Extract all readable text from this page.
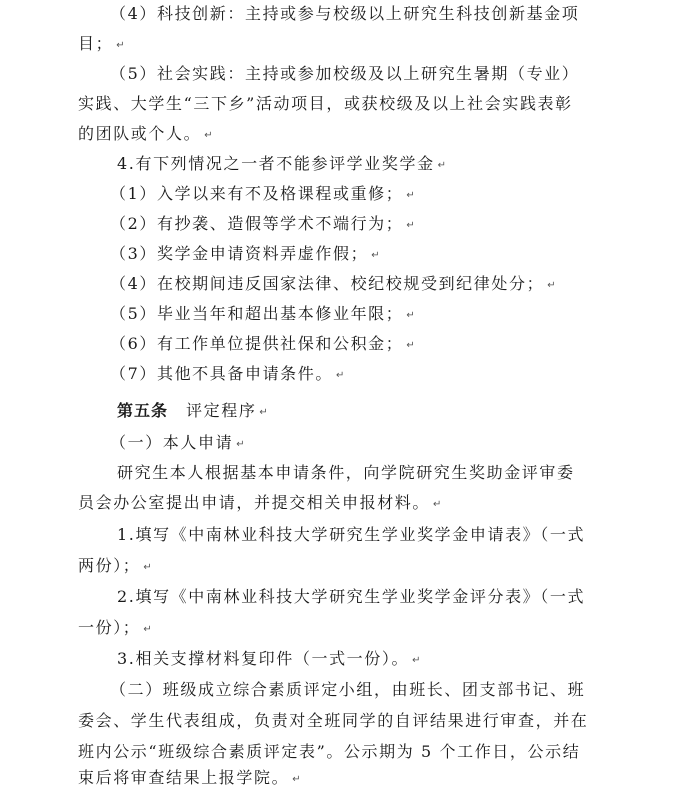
（4）科技创新：主持或参与校级以上研究生科技创新基金项
目； ↵
（5）社会实践：主持或参加校级及以上研究生暑期（专业）
实践、大学生“三下乡”活动项目，或获校级及以上社会实践表彰
的团队或个人。 ↵
4.有下列情况之一者不能参评学业奖学金 ↵
（1）入学以来有不及格课程或重修； ↵
（2）有抄袭、造假等学术不端行为； ↵
（3）奖学金申请资料弄虚作假； ↵
（4）在校期间违反国家法律、校纪校规受到纪律处分； ↵
（5）毕业当年和超出基本修业年限； ↵
（6）有工作单位提供社保和公积金； ↵
（7）其他不具备申请条件。 ↵
第五条 评定程序 ↵
（一）本人申请 ↵
研究生本人根据基本申请条件，向学院研究生奖助金评审委
员会办公室提出申请，并提交相关申报材料。 ↵
1.填写《中南林业科技大学研究生学业奖学金申请表》（一式
两份）； ↵
2.填写《中南林业科技大学研究生学业奖学金评分表》（一式
一份）； ↵
3.相关支撑材料复印件（一式一份）。 ↵
（二）班级成立综合素质评定小组，由班长、团支部书记、班
委会、学生代表组成，负责对全班同学的自评结果进行审查，并在
班内公示“班级综合素质评定表”。公示期为 5 个工作日，公示结
束后将审查结果上报学院。 ↵
